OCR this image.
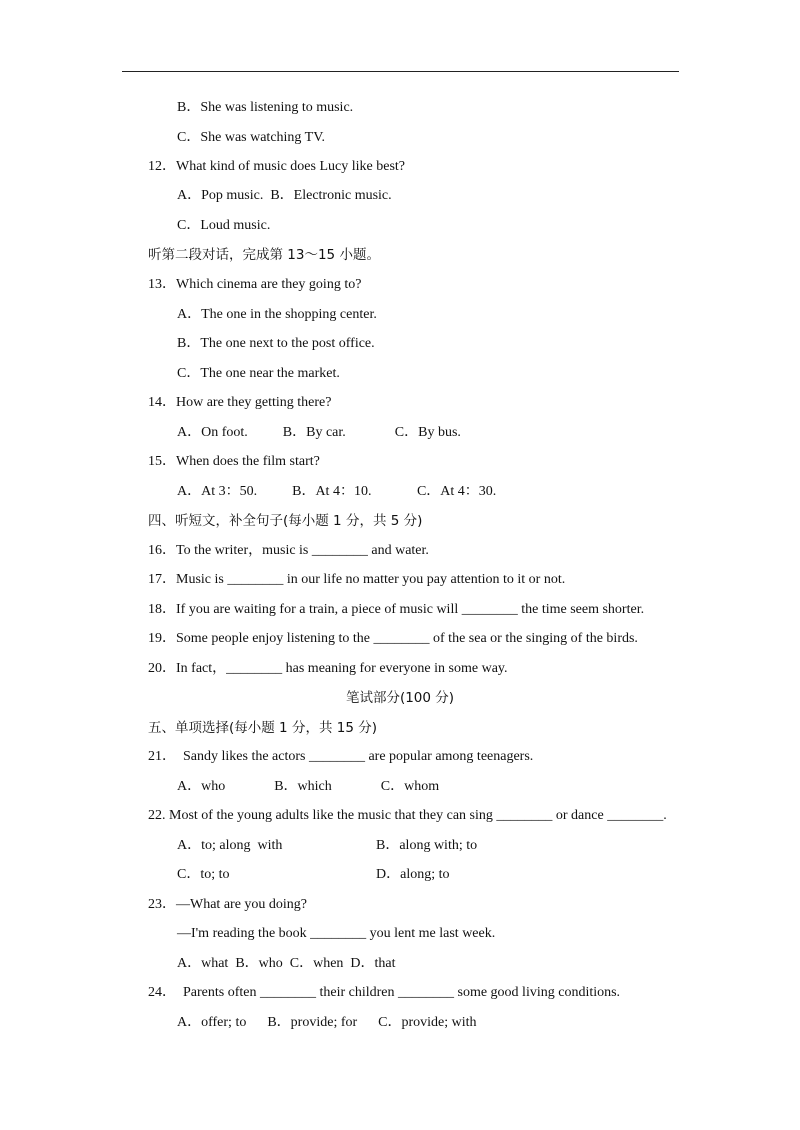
B．She was listening to music.
C．She was watching TV.
12．What kind of music does Lucy like best?
A．Pop music.  B．Electronic music.
C．Loud music.
听第二段对话，完成第 13～15 小题。
13．Which cinema are they going to?
A．The one in the shopping center.
B．The one next to the post office.
C．The one near the market.
14．How are they getting there?
A．On foot.          B．By car.              C．By bus.
15．When does the film start?
A．At 3：50.          B．At 4：10.             C．At 4：30.
四、听短文，补全句子(每小题 1 分，共 5 分)
16．To the writer，music is ________ and water.
17．Music is ________ in our life no matter you pay attention to it or not.
18．If you are waiting for a train, a piece of music will ________ the time seem shorter.
19．Some people enjoy listening to the ________ of the sea or the singing of the birds.
20．In fact，________ has meaning for everyone in some way.
笔试部分(100 分)
五、单项选择(每小题 1 分，共 15 分)
21．  Sandy likes the actors ________ are popular among teenagers.
A．who              B．which              C．whom
22. Most of the young adults like the music that they can sing ________ or dance ________.
A．to; along  with	B．along with; to
C．to; to	D．along; to
23．—What are you doing?
—I'm reading the book ________ you lent me last week.
A．what  B．who  C．when  D．that
24．  Parents often ________ their children ________ some good living conditions.
A．offer; to      B．provide; for      C．provide; with
